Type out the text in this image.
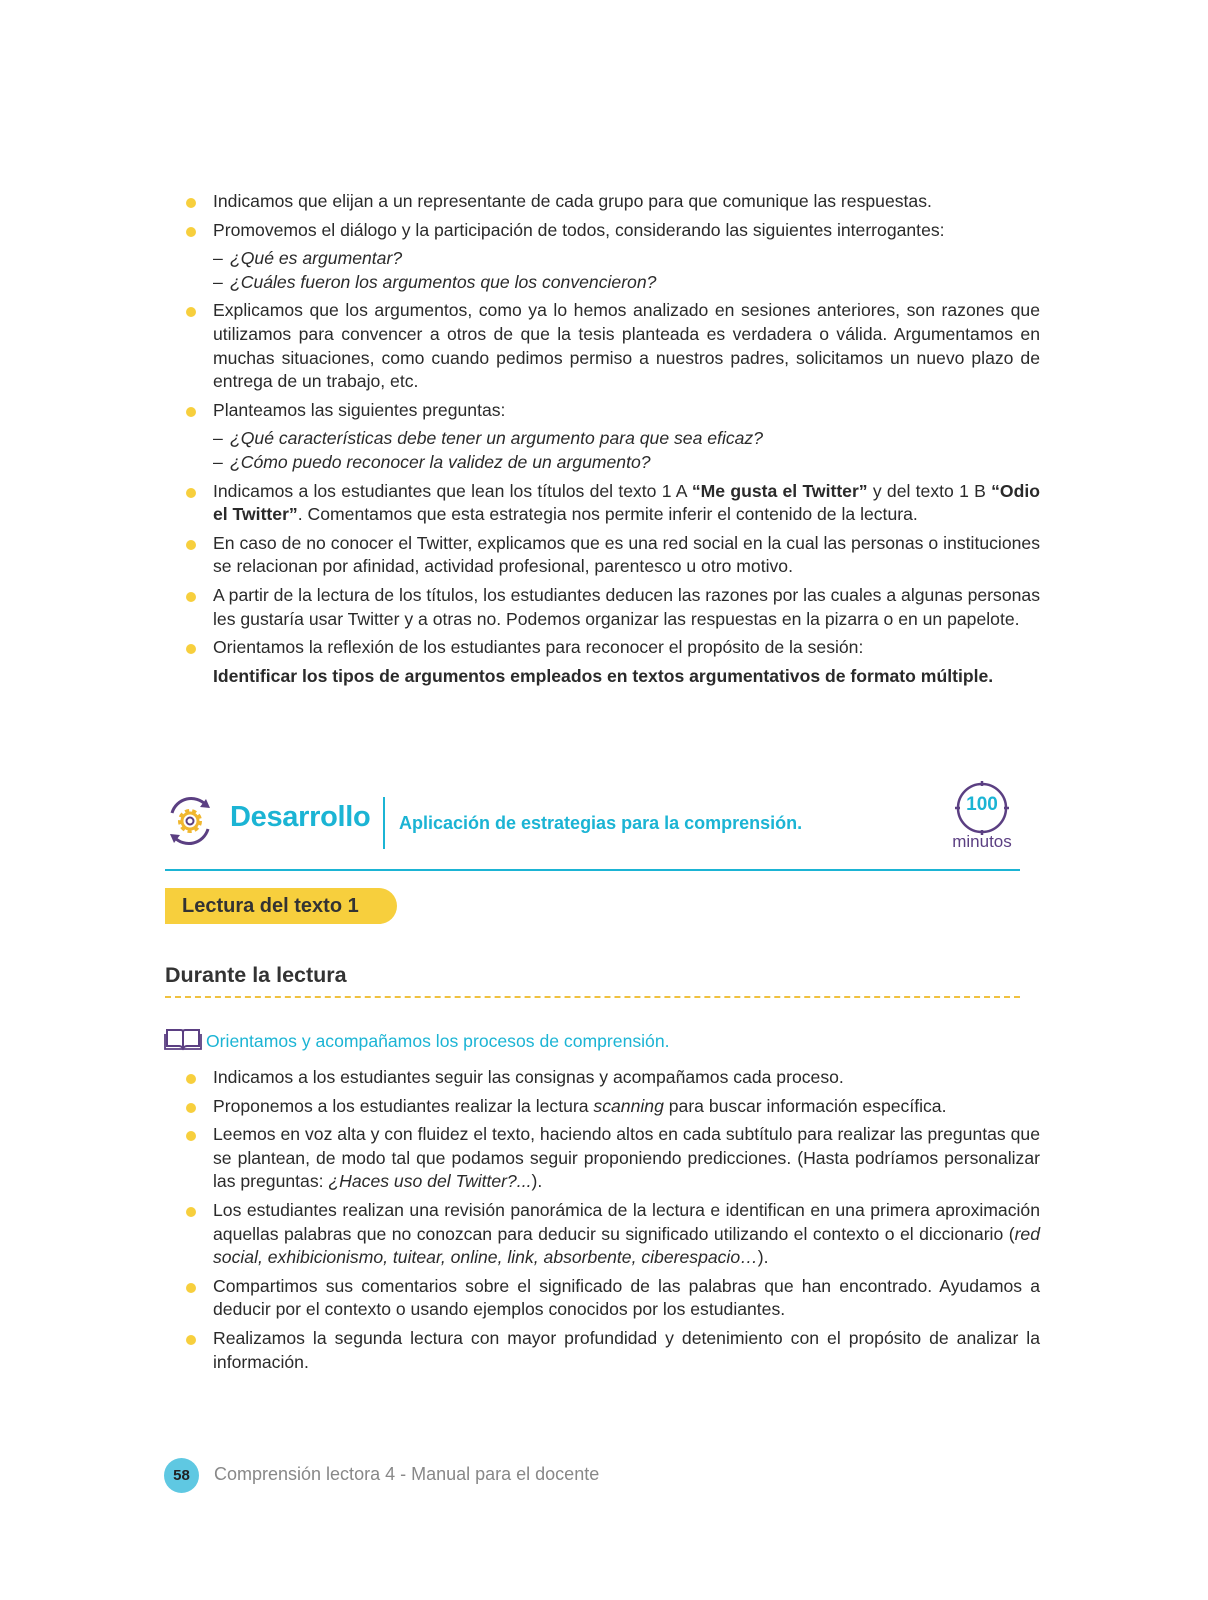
Indicamos que elijan a un representante de cada grupo para que comunique las respuestas.
Promovemos el diálogo y la participación de todos, considerando las siguientes interrogantes:
– ¿Qué es argumentar?
– ¿Cuáles fueron los argumentos que los convencieron?
Explicamos que los argumentos, como ya lo hemos analizado en sesiones anteriores, son razones que utilizamos para convencer a otros de que la tesis planteada es verdadera o válida. Argumentamos en muchas situaciones, como cuando pedimos permiso a nuestros padres, solicitamos un nuevo plazo de entrega de un trabajo, etc.
Planteamos las siguientes preguntas:
– ¿Qué características debe tener un argumento para que sea eficaz?
– ¿Cómo puedo reconocer la validez de un argumento?
Indicamos a los estudiantes que lean los títulos del texto 1 A “Me gusta el Twitter” y del texto 1 B “Odio el Twitter”. Comentamos que esta estrategia nos permite inferir el contenido de la lectura.
En caso de no conocer el Twitter, explicamos que es una red social en la cual las personas o instituciones se relacionan por afinidad, actividad profesional, parentesco u otro motivo.
A partir de la lectura de los títulos, los estudiantes deducen las razones por las cuales a algunas personas les gustaría usar Twitter y a otras no. Podemos organizar las respuestas en la pizarra o en un papelote.
Orientamos la reflexión de los estudiantes para reconocer el propósito de la sesión:
Identificar los tipos de argumentos empleados en textos argumentativos de formato múltiple.
Desarrollo Aplicación de estrategias para la comprensión.
100
minutos
Lectura del texto 1
Durante la lectura
Orientamos y acompañamos los procesos de comprensión.
Indicamos a los estudiantes seguir las consignas y acompañamos cada proceso.
Proponemos a los estudiantes realizar la lectura scanning para buscar información específica.
Leemos en voz alta y con fluidez el texto, haciendo altos en cada subtítulo para realizar las preguntas que se plantean, de modo tal que podamos seguir proponiendo predicciones. (Hasta podríamos personalizar las preguntas: ¿Haces uso del Twitter?...).
Los estudiantes realizan una revisión panorámica de la lectura e identifican en una primera aproximación aquellas palabras que no conozcan para deducir su significado utilizando el contexto o el diccionario (red social, exhibicionismo, tuitear, online, link, absorbente, ciberespacio…).
Compartimos sus comentarios sobre el significado de las palabras que han encontrado. Ayudamos a deducir por el contexto o usando ejemplos conocidos por los estudiantes.
Realizamos la segunda lectura con mayor profundidad y detenimiento con el propósito de analizar la información.
58	Comprensión lectora 4 - Manual para el docente
